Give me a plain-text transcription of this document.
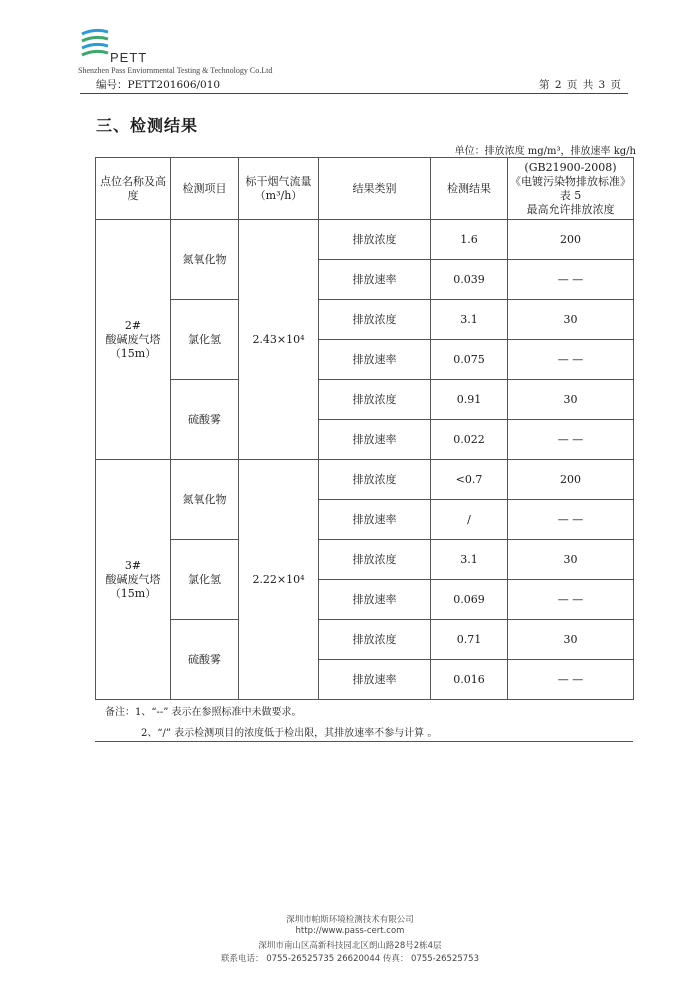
PETT
Shenzhen Pass Enviornmental Testing & Technology Co.Ltd
编号：PETT201606/010	第 2 页 共 3 页
三、检测结果
单位：排放浓度 mg/m³，排放速率 kg/h
点位名称及高度	检测项目	标干烟气流量（m³/h）	结果类别	检测结果	(GB21900-2008)
《电镀污染物排放标准》表 5
最高允许排放浓度

2#
酸碱废气塔
（15m）	氮氧化物	2.43×10⁴	排放浓度	1.6	200
			排放速率	0.039	— —
	氯化氢		排放浓度	3.1	30
			排放速率	0.075	— —
	硫酸雾		排放浓度	0.91	30
			排放速率	0.022	— —

3#
酸碱废气塔
（15m）	氮氧化物	2.22×10⁴	排放浓度	<0.7	200
			排放速率	/	— —
	氯化氢		排放浓度	3.1	30
			排放速率	0.069	— —
	硫酸雾		排放浓度	0.71	30
			排放速率	0.016	— —
备注：1、“--” 表示在参照标准中未做要求。
2、“/” 表示检测项目的浓度低于检出限，其排放速率不参与计算 。
深圳市帕斯环境检测技术有限公司
http://www.pass-cert.com
深圳市南山区高新科技园北区朗山路28号2栋4层
联系电话： 0755-26525735 26620044 传真： 0755-26525753
